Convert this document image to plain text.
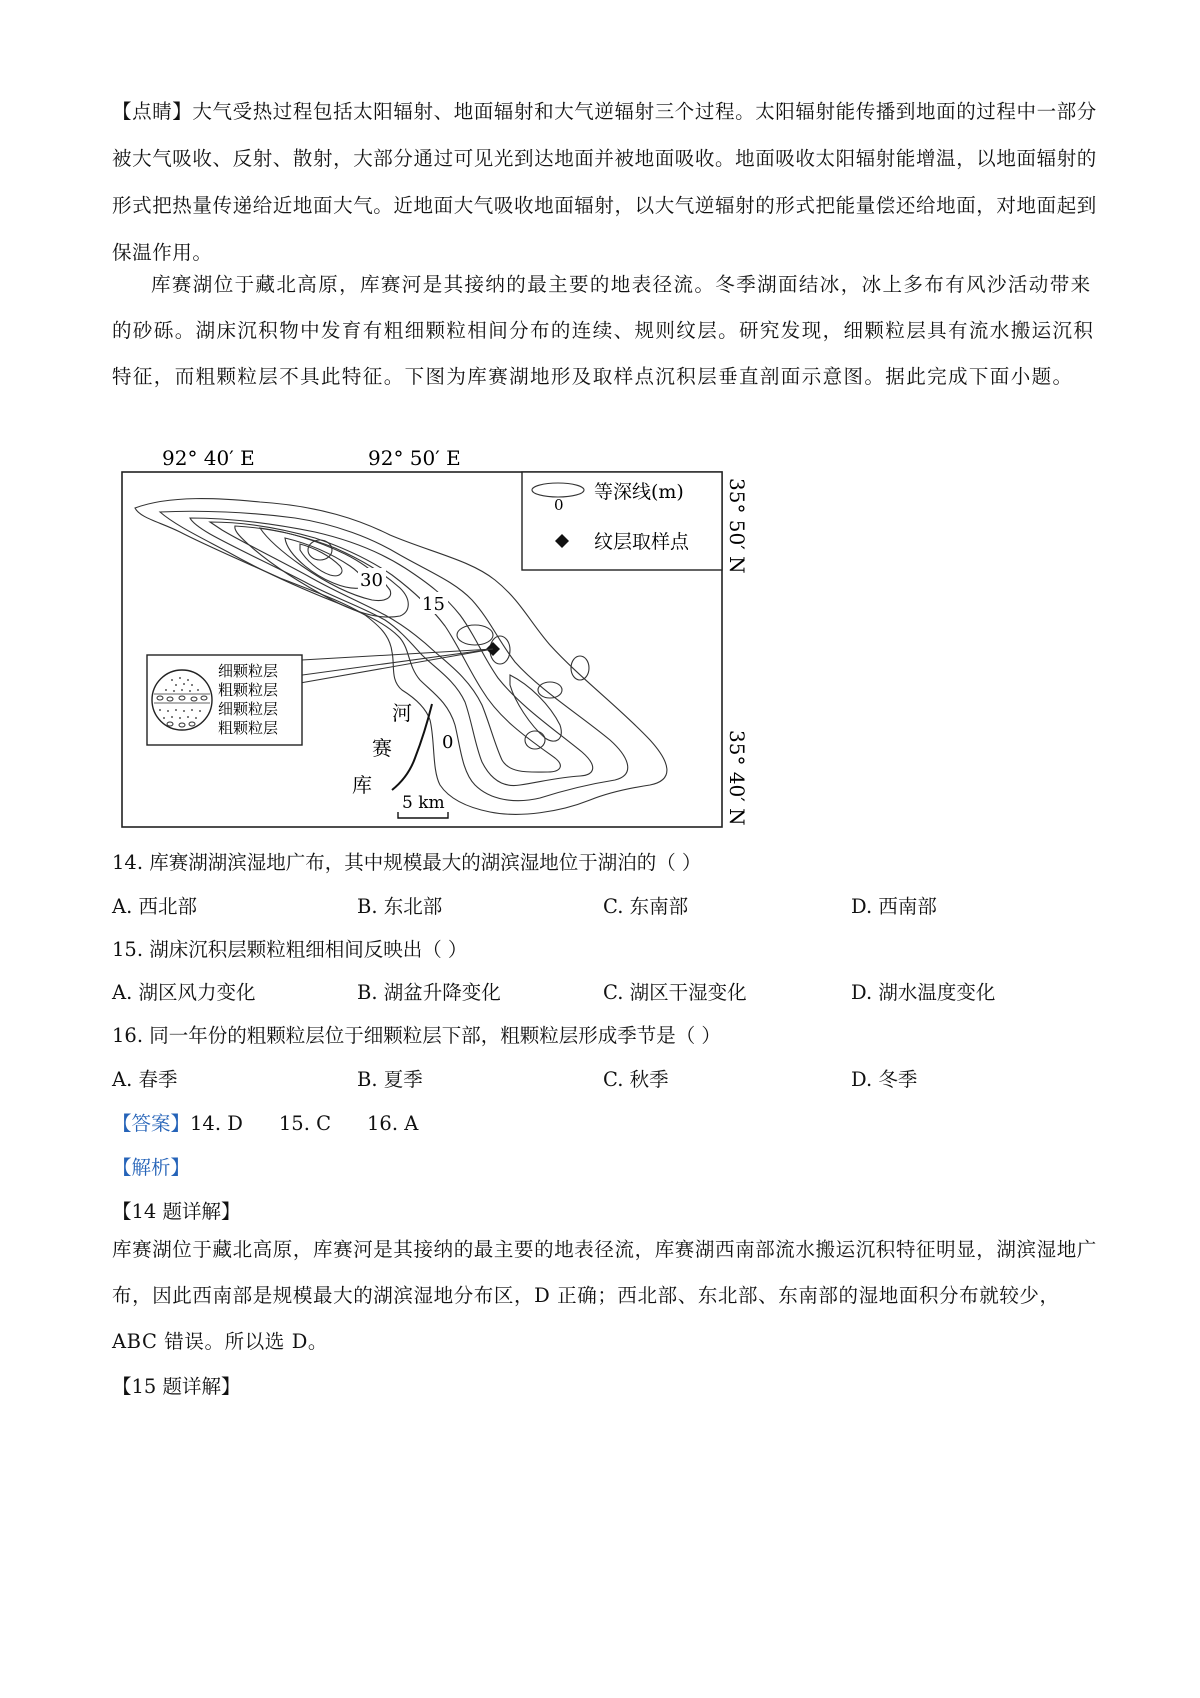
【点睛】大气受热过程包括太阳辐射、地面辐射和大气逆辐射三个过程。太阳辐射能传播到地面的过程中一部分被大气吸收、反射、散射，大部分通过可见光到达地面并被地面吸收。地面吸收太阳辐射能增温，以地面辐射的形式把热量传递给近地面大气。近地面大气吸收地面辐射，以大气逆辐射的形式把能量偿还给地面，对地面起到保温作用。

库赛湖位于藏北高原，库赛河是其接纳的最主要的地表径流。冬季湖面结冰，冰上多布有风沙活动带来的砂砾。湖床沉积物中发育有粗细颗粒相间分布的连续、规则纹层。研究发现，细颗粒层具有流水搬运沉积特征，而粗颗粒层不具此特征。下图为库赛湖地形及取样点沉积层垂直剖面示意图。据此完成下面小题。

92° 40′ E	92° 50′ E
35° 50′ N
35° 40′ N
30
15
0
河
赛
库
细颗粒层
粗颗粒层
细颗粒层
粗颗粒层
0
等深线(m)
纹层取样点
5 km
14. 库赛湖湖滨湿地广布，其中规模最大的湖滨湿地位于湖泊的（ ）
A. 西北部	B. 东北部	C. 东南部	D. 西南部
15. 湖床沉积层颗粒粗细相间反映出（ ）
A. 湖区风力变化	B. 湖盆升降变化	C. 湖区干湿变化	D. 湖水温度变化
16. 同一年份的粗颗粒层位于细颗粒层下部，粗颗粒层形成季节是（ ）
A. 春季	B. 夏季	C. 秋季	D. 冬季
【答案】14. D 15. C 16. A
【解析】
【14 题详解】

库赛湖位于藏北高原，库赛河是其接纳的最主要的地表径流，库赛湖西南部流水搬运沉积特征明显，湖滨湿地广布，因此西南部是规模最大的湖滨湿地分布区，D 正确；西北部、东北部、东南部的湿地面积分布就较少，ABC 错误。所以选 D。

【15 题详解】
